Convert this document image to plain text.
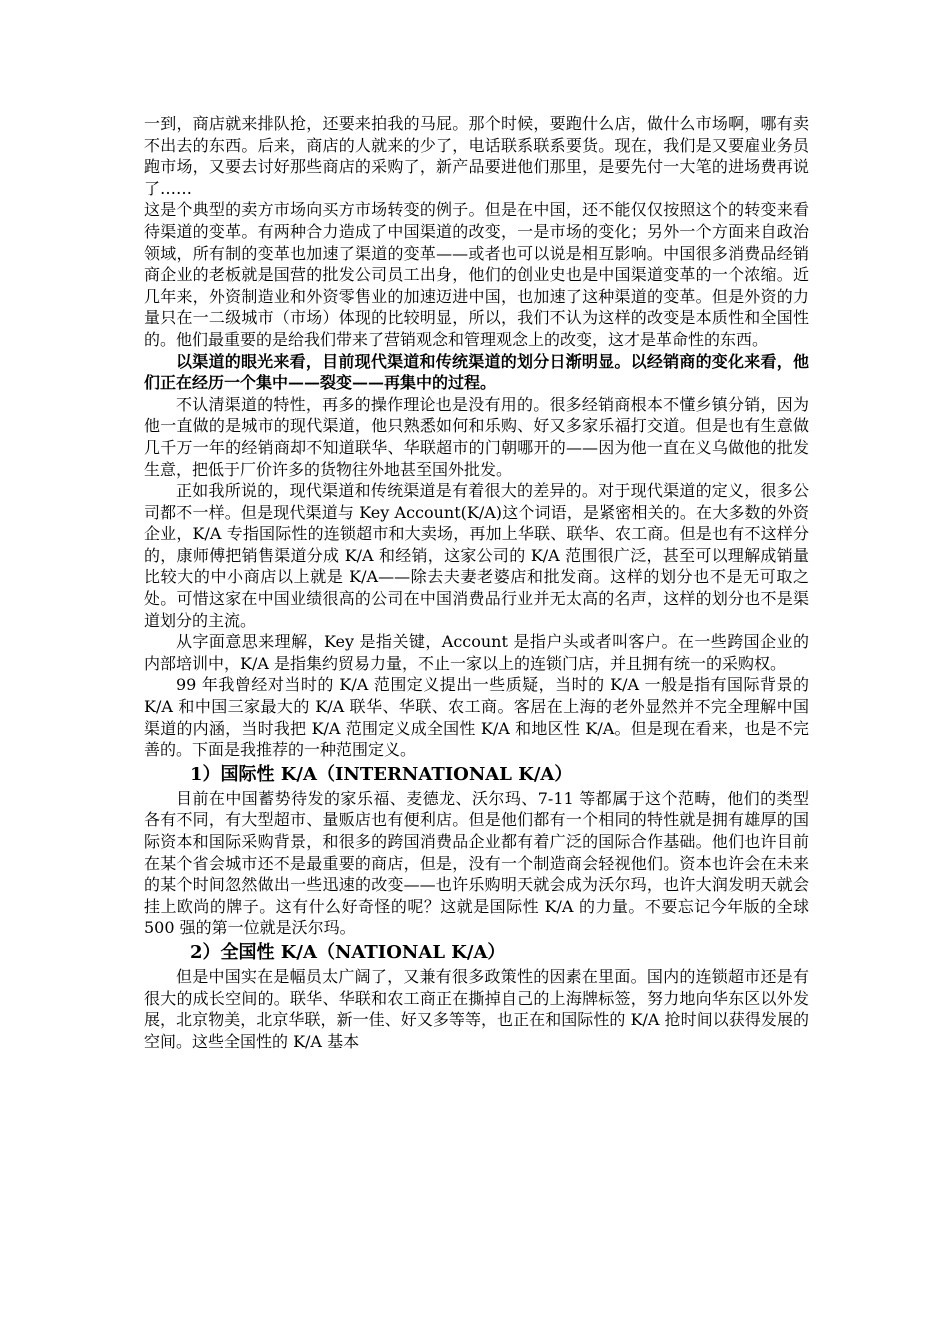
一到，商店就来排队抢，还要来拍我的马屁。那个时候，要跑什么店，做什么市场啊，哪有卖不出去的东西。后来，商店的人就来的少了，电话联系联系要货。现在，我们是又要雇业务员跑市场，又要去讨好那些商店的采购了，新产品要进他们那里，是要先付一大笔的进场费再说了……

这是个典型的卖方市场向买方市场转变的例子。但是在中国，还不能仅仅按照这个的转变来看待渠道的变革。有两种合力造成了中国渠道的改变，一是市场的变化；另外一个方面来自政治领域，所有制的变革也加速了渠道的变革——或者也可以说是相互影响。中国很多消费品经销商企业的老板就是国营的批发公司员工出身，他们的创业史也是中国渠道变革的一个浓缩。近几年来，外资制造业和外资零售业的加速迈进中国，也加速了这种渠道的变革。但是外资的力量只在一二级城市（市场）体现的比较明显，所以，我们不认为这样的改变是本质性和全国性的。他们最重要的是给我们带来了营销观念和管理观念上的改变，这才是革命性的东西。

以渠道的眼光来看，目前现代渠道和传统渠道的划分日渐明显。以经销商的变化来看，他们正在经历一个集中——裂变——再集中的过程。

不认清渠道的特性，再多的操作理论也是没有用的。很多经销商根本不懂乡镇分销，因为他一直做的是城市的现代渠道，他只熟悉如何和乐购、好又多家乐福打交道。但是也有生意做几千万一年的经销商却不知道联华、华联超市的门朝哪开的——因为他一直在义乌做他的批发生意，把低于厂价许多的货物往外地甚至国外批发。

正如我所说的，现代渠道和传统渠道是有着很大的差异的。对于现代渠道的定义，很多公司都不一样。但是现代渠道与 Key Account(K/A)这个词语，是紧密相关的。在大多数的外资企业，K/A 专指国际性的连锁超市和大卖场，再加上华联、联华、农工商。但是也有不这样分的，康师傅把销售渠道分成 K/A 和经销，这家公司的 K/A 范围很广泛，甚至可以理解成销量比较大的中小商店以上就是 K/A——除去夫妻老婆店和批发商。这样的划分也不是无可取之处。可惜这家在中国业绩很高的公司在中国消费品行业并无太高的名声，这样的划分也不是渠道划分的主流。

从字面意思来理解，Key 是指关键，Account 是指户头或者叫客户。在一些跨国企业的内部培训中，K/A 是指集约贸易力量，不止一家以上的连锁门店，并且拥有统一的采购权。

99 年我曾经对当时的 K/A 范围定义提出一些质疑，当时的 K/A 一般是指有国际背景的 K/A 和中国三家最大的 K/A 联华、华联、农工商。客居在上海的老外显然并不完全理解中国渠道的内涵，当时我把 K/A 范围定义成全国性 K/A 和地区性 K/A。但是现在看来，也是不完善的。下面是我推荐的一种范围定义。

1）国际性 K/A（INTERNATIONAL K/A）

目前在中国蓄势待发的家乐福、麦德龙、沃尔玛、7-11 等都属于这个范畴，他们的类型各有不同，有大型超市、量贩店也有便利店。但是他们都有一个相同的特性就是拥有雄厚的国际资本和国际采购背景，和很多的跨国消费品企业都有着广泛的国际合作基础。他们也许目前在某个省会城市还不是最重要的商店，但是，没有一个制造商会轻视他们。资本也许会在未来的某个时间忽然做出一些迅速的改变——也许乐购明天就会成为沃尔玛，也许大润发明天就会挂上欧尚的牌子。这有什么好奇怪的呢？这就是国际性 K/A 的力量。不要忘记今年版的全球 500 强的第一位就是沃尔玛。

2）全国性 K/A（NATIONAL K/A）

但是中国实在是幅员太广阔了，又兼有很多政策性的因素在里面。国内的连锁超市还是有很大的成长空间的。联华、华联和农工商正在撕掉自己的上海牌标签，努力地向华东区以外发展，北京物美，北京华联，新一佳、好又多等等，也正在和国际性的 K/A 抢时间以获得发展的空间。这些全国性的 K/A 基本
